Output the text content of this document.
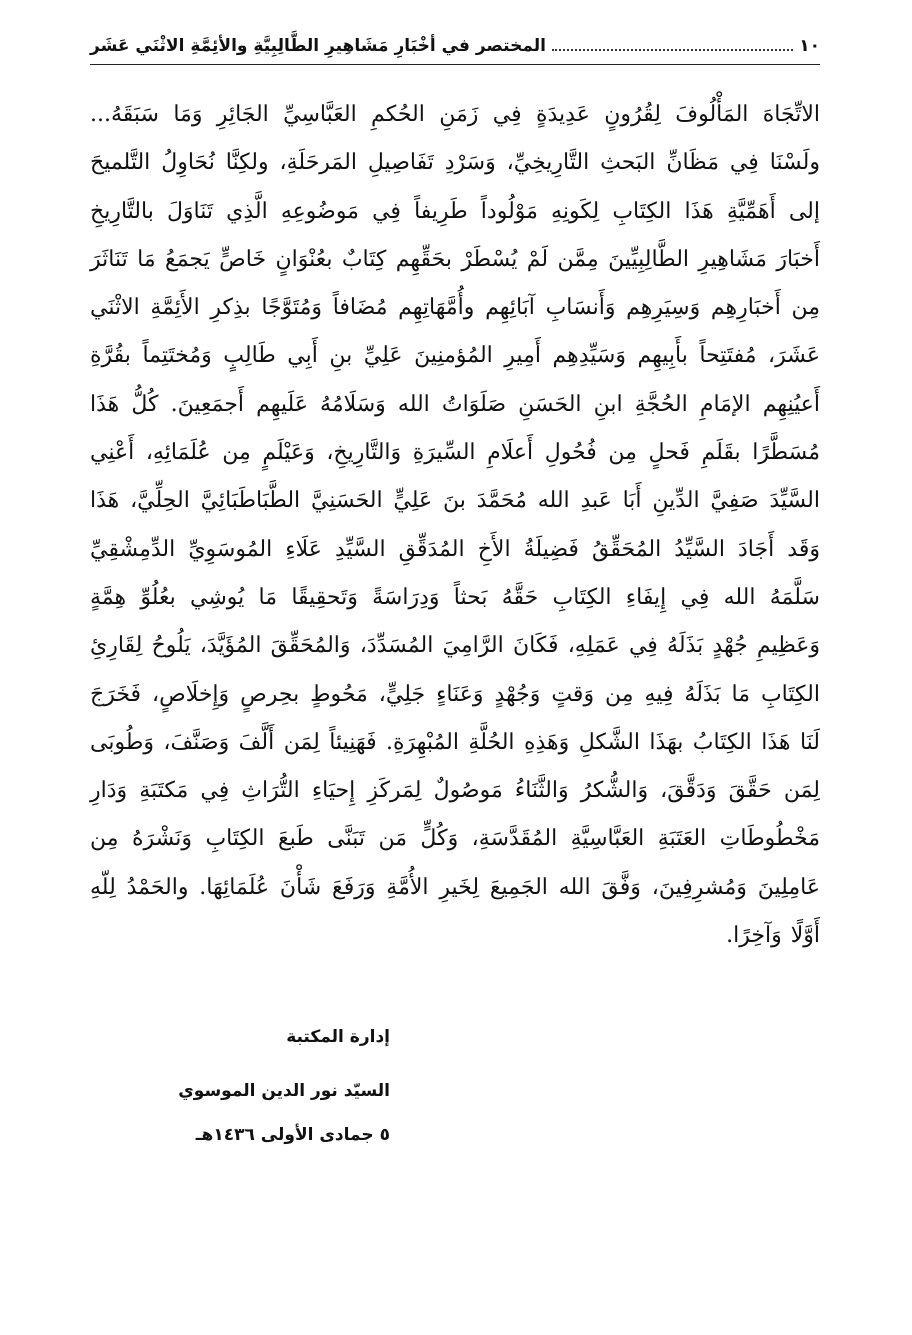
١٠
المختصر في أخْبَارِ مَشَاهِيرِ الطَّالِبِيَّةِ والأئِمَّةِ الاثْنَي عَشَر

الاتِّجَاهَ المَأْلُوفَ لِقُرُونٍ عَدِيدَةٍ فِي زَمَنِ الحُكمِ العَبَّاسِيِّ الجَائِرِ وَمَا سَبَقَهُ... ولَسْنَا فِي مَظَانِّ البَحثِ التَّارِيخِيِّ، وَسَرْدِ تَفَاصِيلِ المَرحَلَةِ، ولكِنَّا نُحَاوِلُ التَّلميحَ إلى أَهَمِّيَّةِ هَذَا الكِتَابِ لِكَونِهِ مَوْلُوداً طَرِيفاً فِي مَوضُوعِهِ الَّذِي تَنَاوَلَ بالتَّارِيخِ أَخبَارَ مَشَاهِيرِ الطَّالِبِيِّينَ مِمَّن لَمْ يُسْطَرْ بحَقِّهِم كِتَابٌ بعُنْوَانٍ خَاصٍّ يَجمَعُ مَا تَنَاثَرَ مِن أَخبَارِهِم وَسِيَرِهِم وَأَنسَابِ آبَائِهِم وأُمَّهَاتِهِم مُضَافاً وَمُتَوَّجًا بذِكرِ الأَئِمَّةِ الاثْنَي عَشَرَ، مُفتَتِحاً بأَبِيهِم وَسَيِّدِهِم أَمِيرِ المُؤمنِينَ عَلِيِّ بنِ أَبِي طَالِبٍ وَمُختَتِماً بقُرَّةِ أَعيُنِهِم الإمَامِ الحُجَّةِ ابنِ الحَسَنِ صَلَوَاتُ الله وَسَلَامُهُ عَلَيهِم أَجمَعِينَ. كُلُّ هَذَا مُسَطَّرًا بقَلَمِ فَحلٍ مِن فُحُولِ أَعلَامِ السِّيرَةِ وَالتَّارِيخِ، وَعَيْلَمٍ مِن عُلَمَائِهِ، أَعْنِي السَّيِّدَ صَفِيَّ الدِّينِ أَبَا عَبدِ الله مُحَمَّدَ بنَ عَلِيٍّ الحَسَنِيَّ الطَّبَاطَبَائِيَّ الحِلِّيَّ، هَذَا وَقَد أَجَادَ السَّيِّدُ المُحَقِّقُ فَضِيلَةُ الأَخِ المُدَقِّقِ السَّيِّدِ عَلَاءِ المُوسَوِيِّ الدِّمِشْقِيِّ سَلَّمَهُ الله فِي إِيفَاءِ الكِتَابِ حَقَّهُ بَحثاً وَدِرَاسَةً وَتَحقِيقًا مَا يُوشِي بعُلُوِّ هِمَّةٍ وَعَظِيمِ جُهْدٍ بَذَلَهُ فِي عَمَلِهِ، فَكَانَ الرَّامِيَ المُسَدِّدَ، وَالمُحَقِّقَ المُؤَيَّدَ، يَلُوحُ لِقَارِئِ الكِتَابِ مَا بَذَلَهُ فِيهِ مِن وَقتٍ وَجُهْدٍ وَعَنَاءٍ جَلِيٍّ، مَحُوطٍ بحِرصٍ وَإِخلَاصٍ، فَخَرَجَ لَنَا هَذَا الكِتَابُ بهَذَا الشَّكلِ وَهَذِهِ الحُلَّةِ المُبْهِرَةِ. فَهَنِيئاً لِمَن أَلَّفَ وَصَنَّفَ، وَطُوبَى لِمَن حَقَّقَ وَدَقَّقَ، وَالشُّكرُ وَالثَّنَاءُ مَوصُولٌ لِمَركَزِ إِحيَاءِ التُّرَاثِ فِي مَكتَبَةِ وَدَارِ مَخْطُوطَاتِ العَتَبَةِ العَبَّاسِيَّةِ المُقَدَّسَةِ، وَكُلٍّ مَن تَبَنَّى طَبعَ الكِتَابِ وَنَشْرَهُ مِن عَامِلِينَ وَمُشرِفِينَ، وَفَّقَ الله الجَمِيعَ لِخَيرِ الأُمَّةِ وَرَفَعَ شَأْنَ عُلَمَائِهَا. والحَمْدُ لِلّهِ أَوَّلًا وَآخِرًا.

إدارة المكتبة
السيّد نور الدين الموسوي
٥ جمادى الأولى ١٤٣٦هـ
